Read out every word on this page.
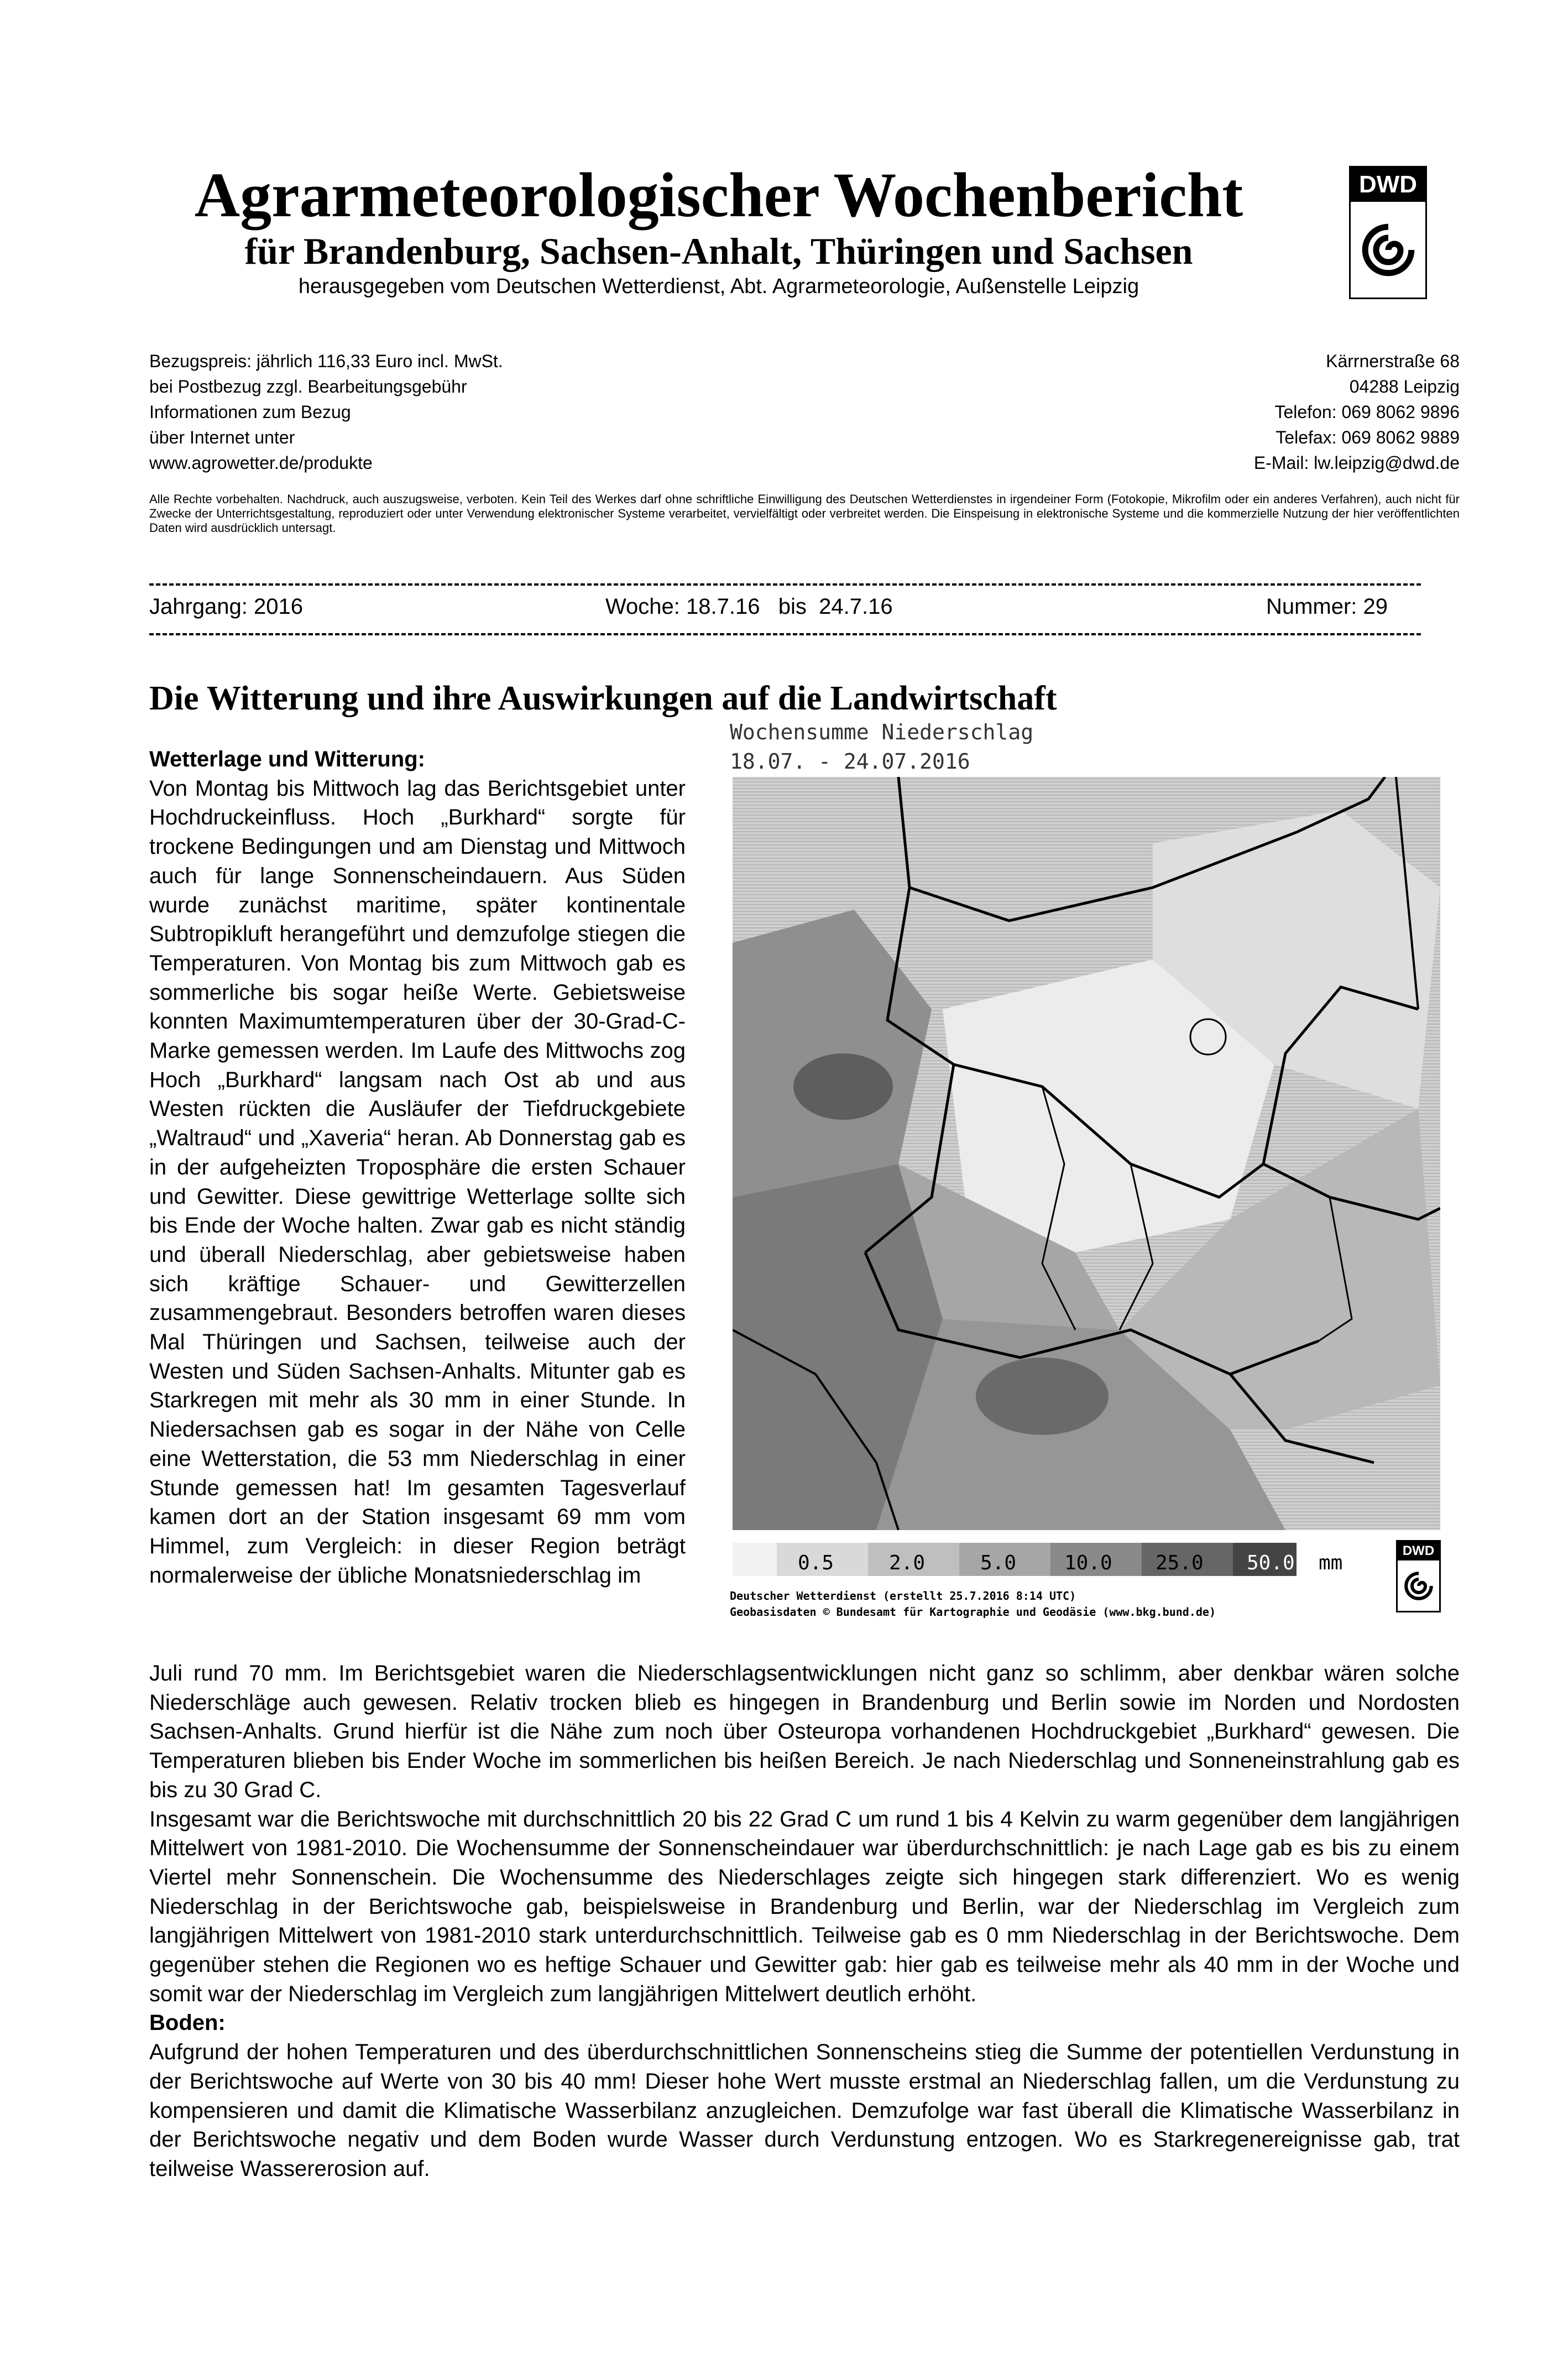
Agrarmeteorologischer Wochenbericht
für Brandenburg, Sachsen-Anhalt, Thüringen und Sachsen
herausgegeben vom Deutschen Wetterdienst, Abt. Agrarmeteorologie, Außenstelle Leipzig
DWD
Bezugspreis: jährlich 116,33 Euro incl. MwSt.
bei Postbezug zzgl. Bearbeitungsgebühr
Informationen zum Bezug
über Internet unter
www.agrowetter.de/produkte
Kärrnerstraße 68
04288 Leipzig
Telefon: 069 8062 9896
Telefax: 069 8062 9889
E-Mail: lw.leipzig@dwd.de
Alle Rechte vorbehalten. Nachdruck, auch auszugsweise, verboten. Kein Teil des Werkes darf ohne schriftliche Einwilligung des Deutschen Wetterdienstes in irgendeiner Form (Fotokopie, Mikrofilm oder ein anderes Verfahren), auch nicht für Zwecke der Unterrichtsgestaltung, reproduziert oder unter Verwendung elektronischer Systeme verarbeitet, vervielfältigt oder verbreitet werden. Die Einspeisung in elektronische Systeme und die kommerzielle Nutzung der hier veröffentlichten Daten wird ausdrücklich untersagt.
Jahrgang: 2016	Woche: 18.7.16   bis  24.7.16	Nummer: 29
Die Witterung und ihre Auswirkungen auf die Landwirtschaft
Wetterlage und Witterung:
Von Montag bis Mittwoch lag das Berichtsgebiet unter Hochdruckeinfluss. Hoch „Burkhard“ sorgte für trockene Bedingungen und am Dienstag und Mittwoch auch für lange Sonnenscheindauern. Aus Süden wurde zunächst maritime, später kontinentale Subtropikluft herangeführt und demzufolge stiegen die Temperaturen. Von Montag bis zum Mittwoch gab es sommerliche bis sogar heiße Werte. Gebietsweise konnten Maximumtemperaturen über der 30-Grad-C-Marke gemessen werden. Im Laufe des Mittwochs zog Hoch „Burkhard“ langsam nach Ost ab und aus Westen rückten die Ausläufer der Tiefdruckgebiete „Waltraud“ und „Xaveria“ heran. Ab Donnerstag gab es in der aufgeheizten Troposphäre die ersten Schauer und Gewitter. Diese gewittrige Wetterlage sollte sich bis Ende der Woche halten. Zwar gab es nicht ständig und überall Niederschlag, aber gebietsweise haben sich kräftige Schauer- und Gewitterzellen zusammengebraut. Besonders betroffen waren dieses Mal Thüringen und Sachsen, teilweise auch der Westen und Süden Sachsen-Anhalts. Mitunter gab es Starkregen mit mehr als 30 mm in einer Stunde. In Niedersachsen gab es sogar in der Nähe von Celle eine Wetterstation, die 53 mm Niederschlag in einer Stunde gemessen hat! Im gesamten Tagesverlauf kamen dort an der Station insgesamt 69 mm vom Himmel, zum Vergleich: in dieser Region beträgt normalerweise der übliche Monatsniederschlag im
Juli rund 70 mm. Im Berichtsgebiet waren die Niederschlagsentwicklungen nicht ganz so schlimm, aber denkbar wären solche Niederschläge auch gewesen. Relativ trocken blieb es hingegen in Brandenburg und Berlin sowie im Norden und Nordosten Sachsen-Anhalts. Grund hierfür ist die Nähe zum noch über Osteuropa vorhandenen Hochdruckgebiet „Burkhard“ gewesen. Die Temperaturen blieben bis Ender Woche im sommerlichen bis heißen Bereich. Je nach Niederschlag und Sonneneinstrahlung gab es bis zu 30 Grad C.
Insgesamt war die Berichtswoche mit durchschnittlich 20 bis 22 Grad C um rund 1 bis 4 Kelvin zu warm gegenüber dem langjährigen Mittelwert von 1981-2010. Die Wochensumme der Sonnenscheindauer war überdurchschnittlich: je nach Lage gab es bis zu einem Viertel mehr Sonnenschein. Die Wochensumme des Niederschlages zeigte sich hingegen stark differenziert. Wo es wenig Niederschlag in der Berichtswoche gab, beispielsweise in Brandenburg und Berlin, war der Niederschlag im Vergleich zum langjährigen Mittelwert von 1981-2010 stark unterdurchschnittlich. Teilweise gab es 0 mm Niederschlag in der Berichtswoche. Dem gegenüber stehen die Regionen wo es heftige Schauer und Gewitter gab: hier gab es teilweise mehr als 40 mm in der Woche und somit war der Niederschlag im Vergleich zum langjährigen Mittelwert deutlich erhöht.
Boden:
Aufgrund der hohen Temperaturen und des überdurchschnittlichen Sonnenscheins stieg die Summe der potentiellen Verdunstung in der Berichtswoche auf Werte von 30 bis 40 mm! Dieser hohe Wert musste erstmal an Niederschlag fallen, um die Verdunstung zu kompensieren und damit die Klimatische Wasserbilanz anzugleichen. Demzufolge war fast überall die Klimatische Wasserbilanz in der Berichtswoche negativ und dem Boden wurde Wasser durch Verdunstung entzogen. Wo es Starkregenereignisse gab, trat teilweise Wassererosion auf.
Wochensumme Niederschlag
18.07. - 24.07.2016
0.5	2.0	5.0 10.0 25.0 50.0 mm
DWD
Deutscher Wetterdienst (erstellt 25.7.2016 8:14 UTC)
Geobasisdaten © Bundesamt für Kartographie und Geodäsie (www.bkg.bund.de)
